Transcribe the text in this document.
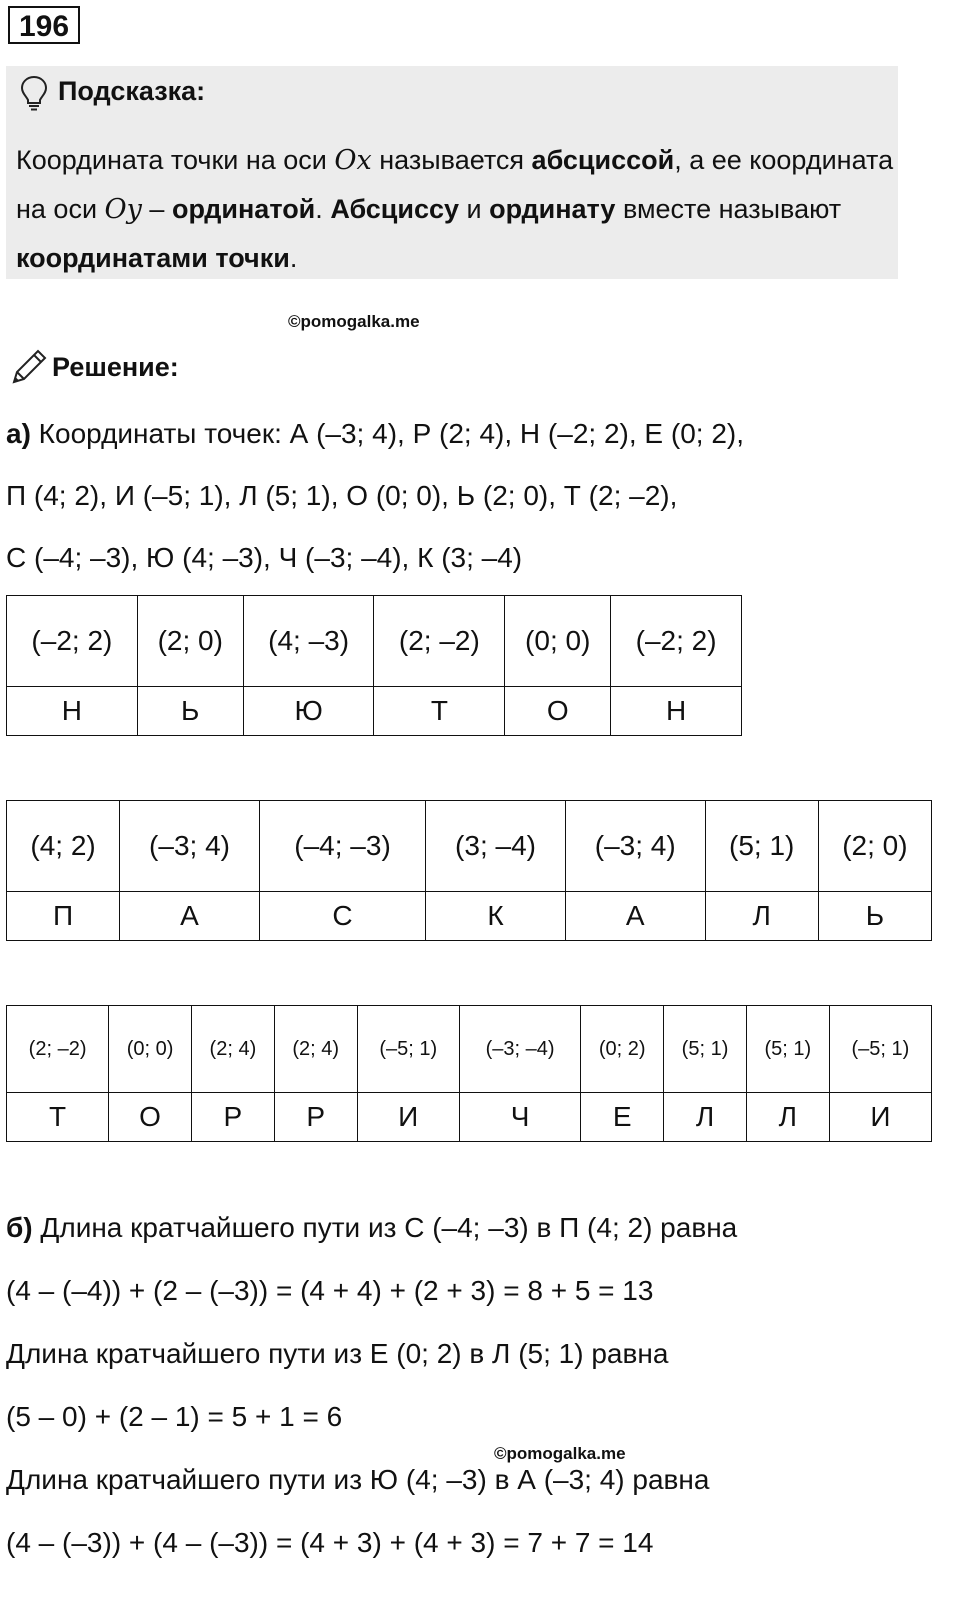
196
Подсказка:
Координата точки на оси Ox называется абсциссой, а ее координата на оси Oy – ординатой. Абсциссу и ординату вместе называют координатами точки.
©pomogalka.me
Решение:
а) Координаты точек: А (–3; 4), Р (2; 4), Н (–2; 2), Е (0; 2),
П (4; 2), И (–5; 1), Л (5; 1), О (0; 0), Ь (2; 0), Т (2; –2),
С (–4; –3), Ю (4; –3), Ч (–3; –4), К (3; –4)
(–2; 2)	(2; 0)	(4; –3)	(2; –2)	(0; 0)	(–2; 2)
Н	Ь	Ю	Т	О	Н
(4; 2)	(–3; 4)	(–4; –3)	(3; –4)	(–3; 4)	(5; 1)	(2; 0)
П	А	С	К	А	Л	Ь
(2; –2)	(0; 0)	(2; 4)	(2; 4)	(–5; 1)	(–3; –4)	(0; 2)	(5; 1)	(5; 1)	(–5; 1)
Т	О	Р	Р	И	Ч	Е	Л	Л	И
б) Длина кратчайшего пути из С (–4; –3) в П (4; 2) равна
(4 – (–4)) + (2 – (–3)) = (4 + 4) + (2 + 3) = 8 + 5 = 13
Длина кратчайшего пути из Е (0; 2) в Л (5; 1) равна
(5 – 0) + (2 – 1) = 5 + 1 = 6
©pomogalka.me
Длина кратчайшего пути из Ю (4; –3) в А (–3; 4) равна
(4 – (–3)) + (4 – (–3)) = (4 + 3) + (4 + 3) = 7 + 7 = 14
